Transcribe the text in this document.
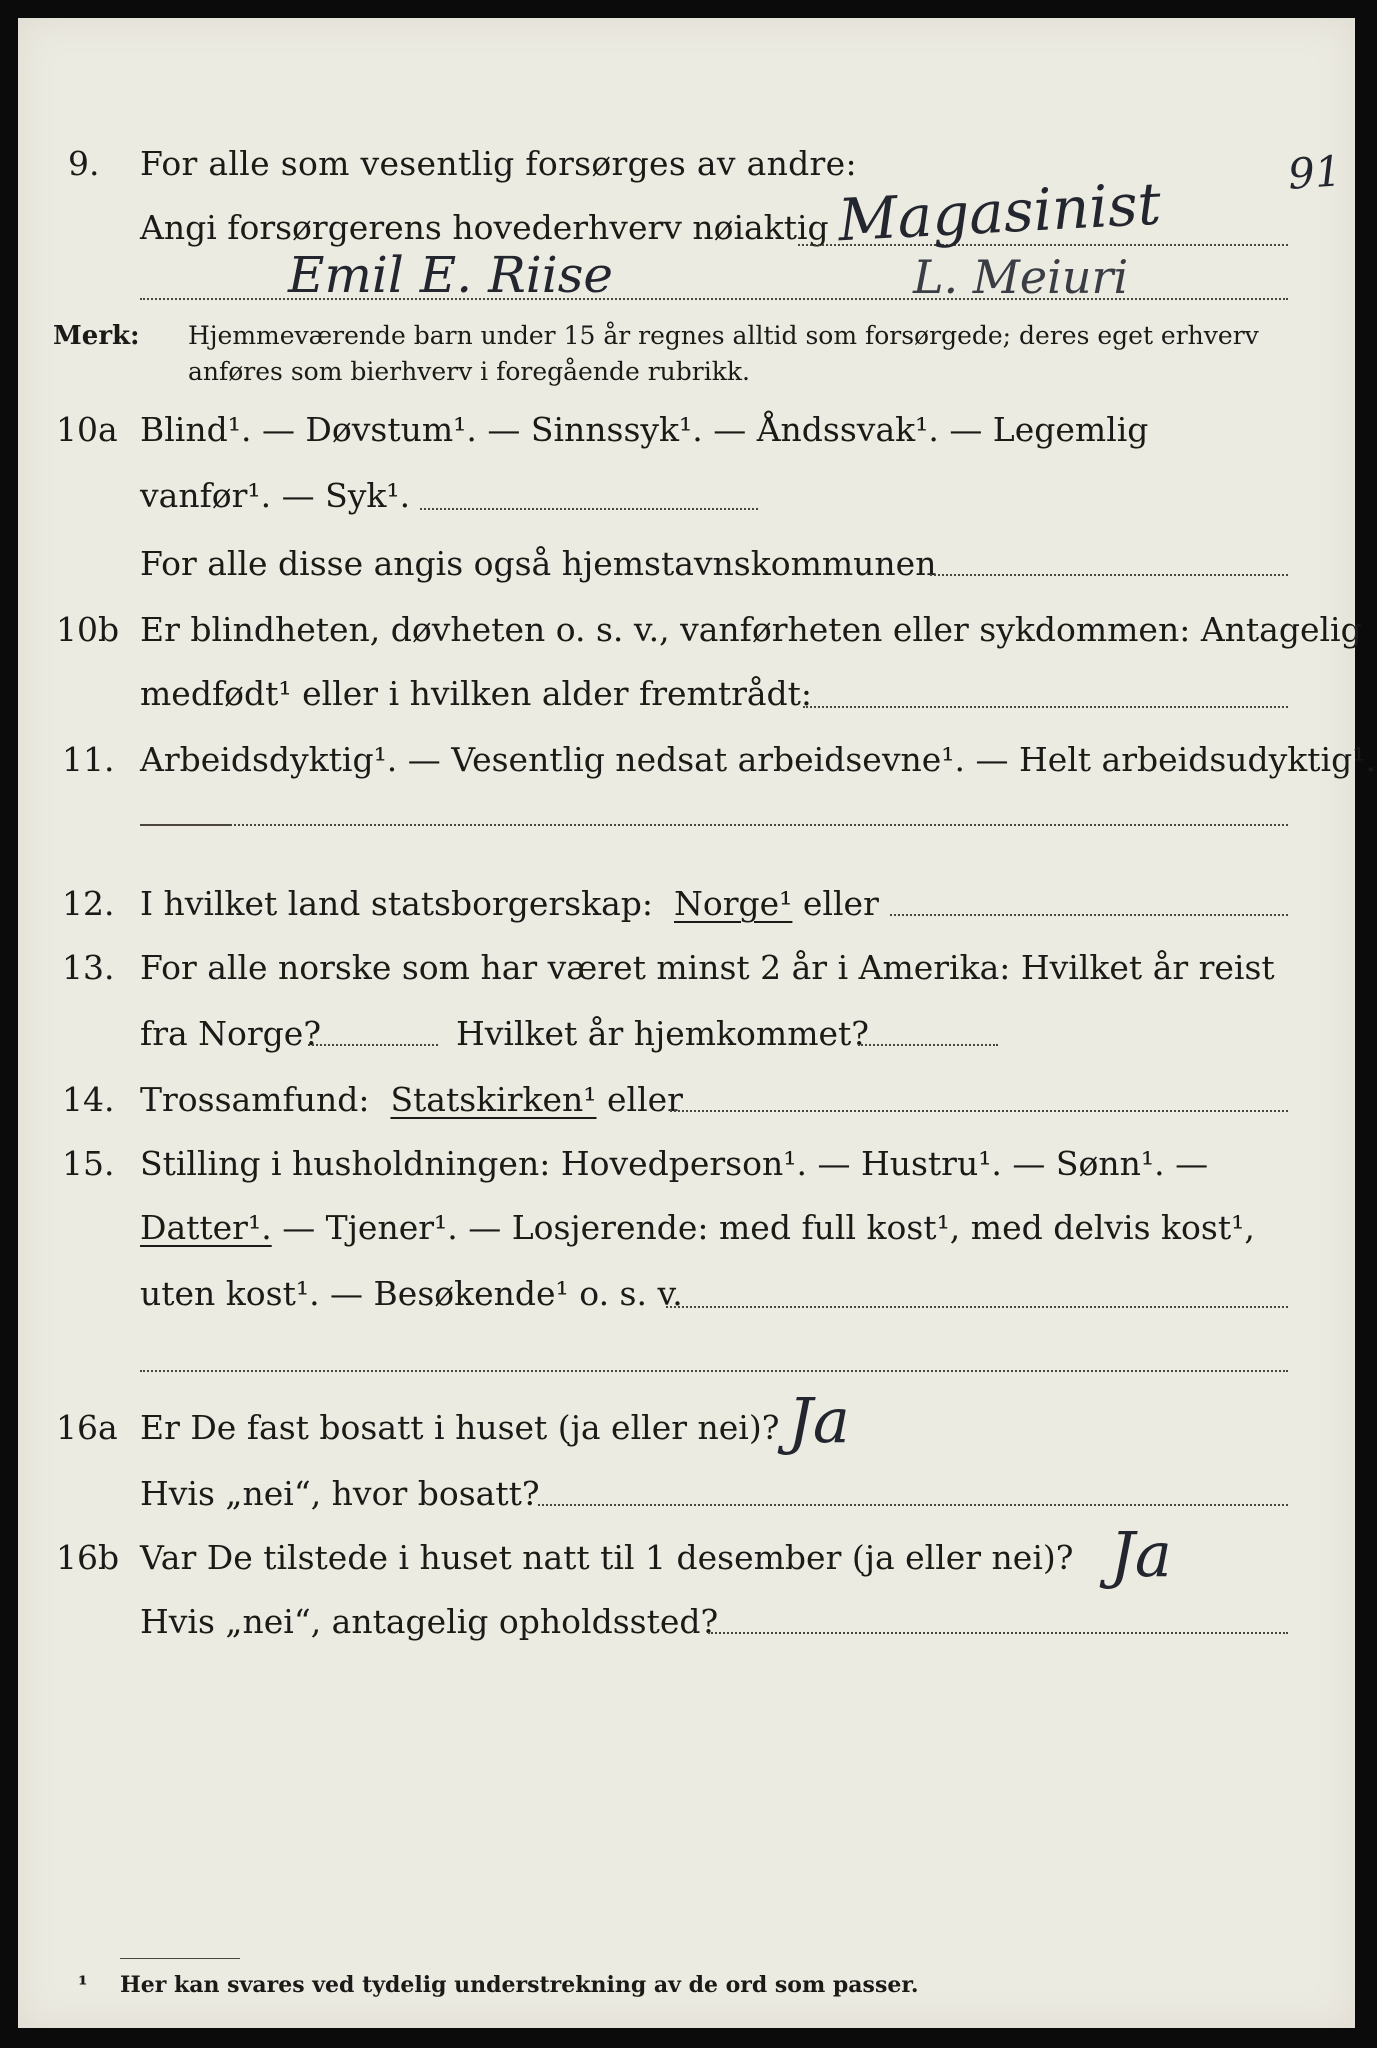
9. For alle som vesentlig forsørges av andre:
Angi forsørgerens hovederhverv nøiaktig Magasinist	91
Emil E. Riise	L. Meiuri
Merk: Hjemmeværende barn under 15 år regnes alltid som forsørgede; deres eget erhverv
anføres som bierhverv i foregående rubrikk.
10a Blind¹. — Døvstum¹. — Sinnssyk¹. — Åndssvak¹. — Legemlig
vanfør¹. — Syk¹.
For alle disse angis også hjemstavnskommunen
10b Er blindheten, døvheten o. s. v., vanførheten eller sykdommen: Antagelig
medfødt¹ eller i hvilken alder fremtrådt:
11. Arbeidsdyktig¹. — Vesentlig nedsat arbeidsevne¹. — Helt arbeidsudyktig¹.
12. I hvilket land statsborgerskap: Norge¹ eller
13. For alle norske som har været minst 2 år i Amerika: Hvilket år reist
fra Norge?	Hvilket år hjemkommet?
14. Trossamfund: Statskirken¹ eller
15. Stilling i husholdningen: Hovedperson¹. — Hustru¹. — Sønn¹. —
Datter¹. — Tjener¹. — Losjerende: med full kost¹, med delvis kost¹,
uten kost¹. — Besøkende¹ o. s. v.
16a Er De fast bosatt i huset (ja eller nei)? Ja
Hvis „nei“, hvor bosatt?
16b Var De tilstede i huset natt til 1 desember (ja eller nei)? Ja
Hvis „nei“, antagelig opholdssted?
¹ Her kan svares ved tydelig understrekning av de ord som passer.
